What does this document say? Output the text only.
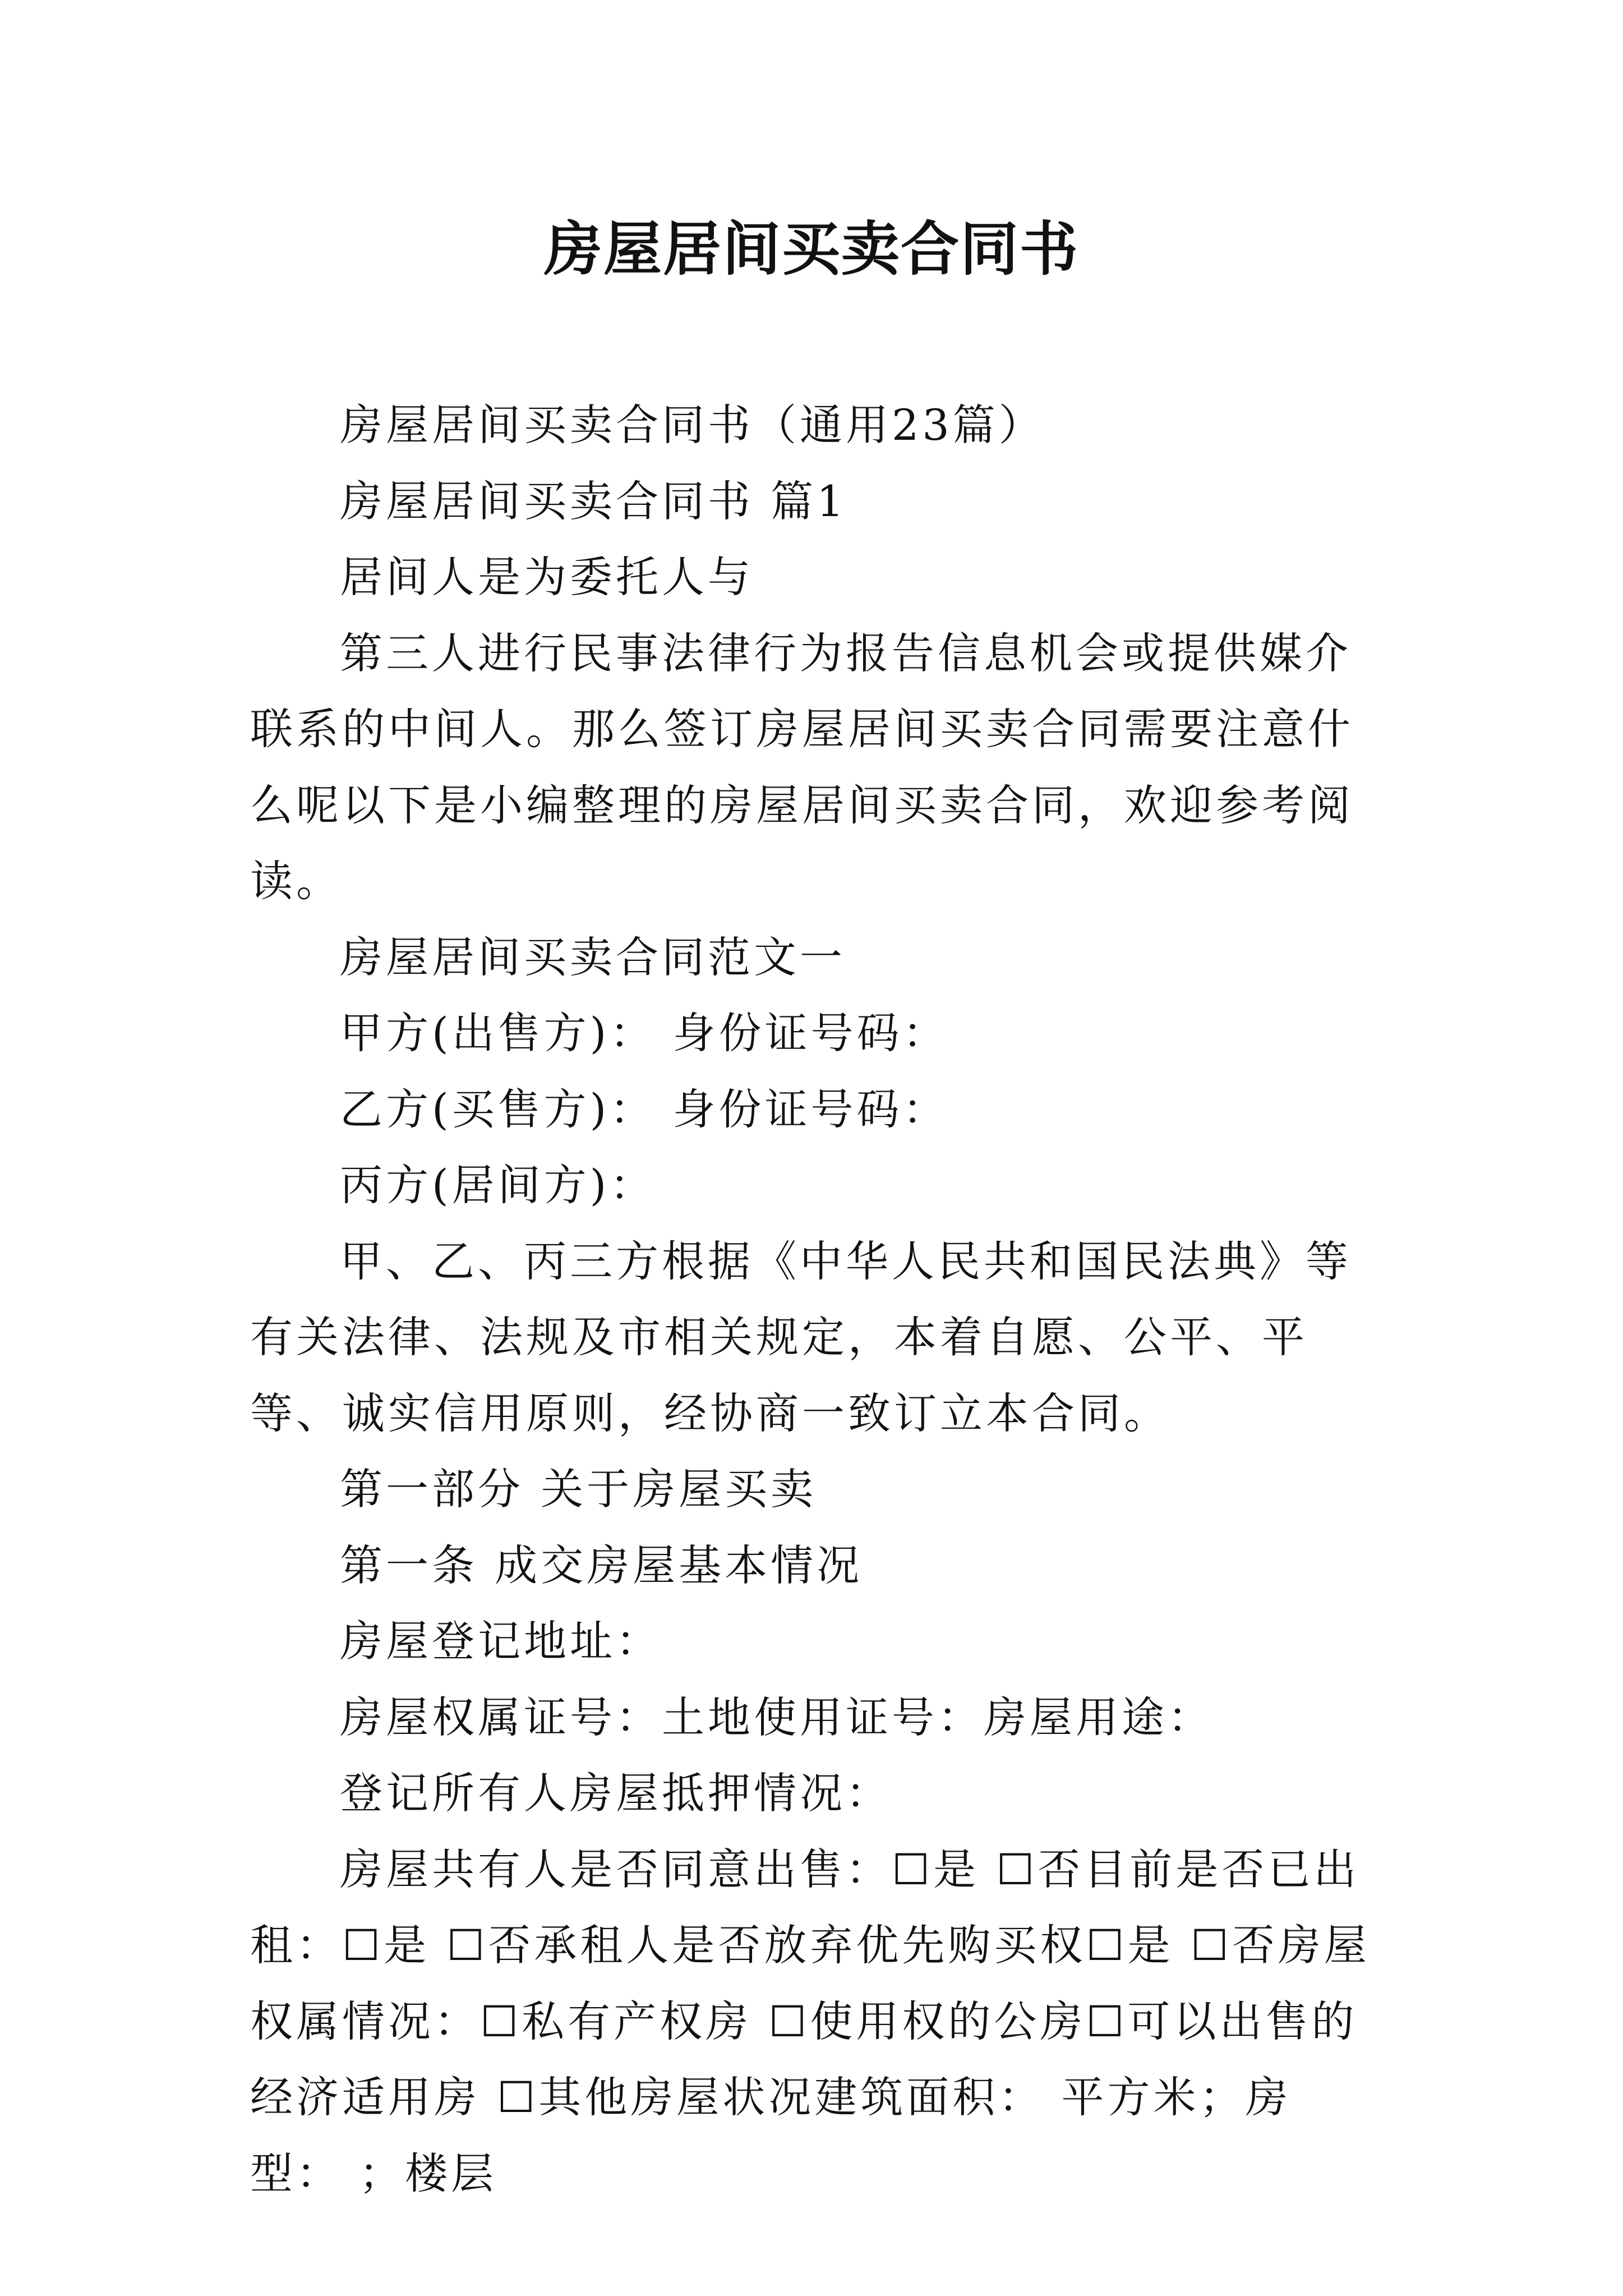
房屋居间买卖合同书

房屋居间买卖合同书（通用23篇）

房屋居间买卖合同书 篇1

居间人是为委托人与

第三人进行民事法律行为报告信息机会或提供媒介联系的中间人。那么签订房屋居间买卖合同需要注意什么呢以下是小编整理的房屋居间买卖合同，欢迎参考阅读。

房屋居间买卖合同范文一

甲方(出售方)： 身份证号码：

乙方(买售方)： 身份证号码：

丙方(居间方)：

甲、乙、丙三方根据《中华人民共和国民法典》等有关法律、法规及市相关规定，本着自愿、公平、平等、诚实信用原则，经协商一致订立本合同。

第一部分 关于房屋买卖

第一条 成交房屋基本情况

房屋登记地址：

房屋权属证号：土地使用证号：房屋用途：

登记所有人房屋抵押情况：

房屋共有人是否同意出售：☐是 ☐否目前是否已出租：☐是 ☐否承租人是否放弃优先购买权☐是 ☐否房屋权属情况：☐私有产权房 ☐使用权的公房☐可以出售的经济适用房 ☐其他房屋状况建筑面积： 平方米；房型： ；楼层
